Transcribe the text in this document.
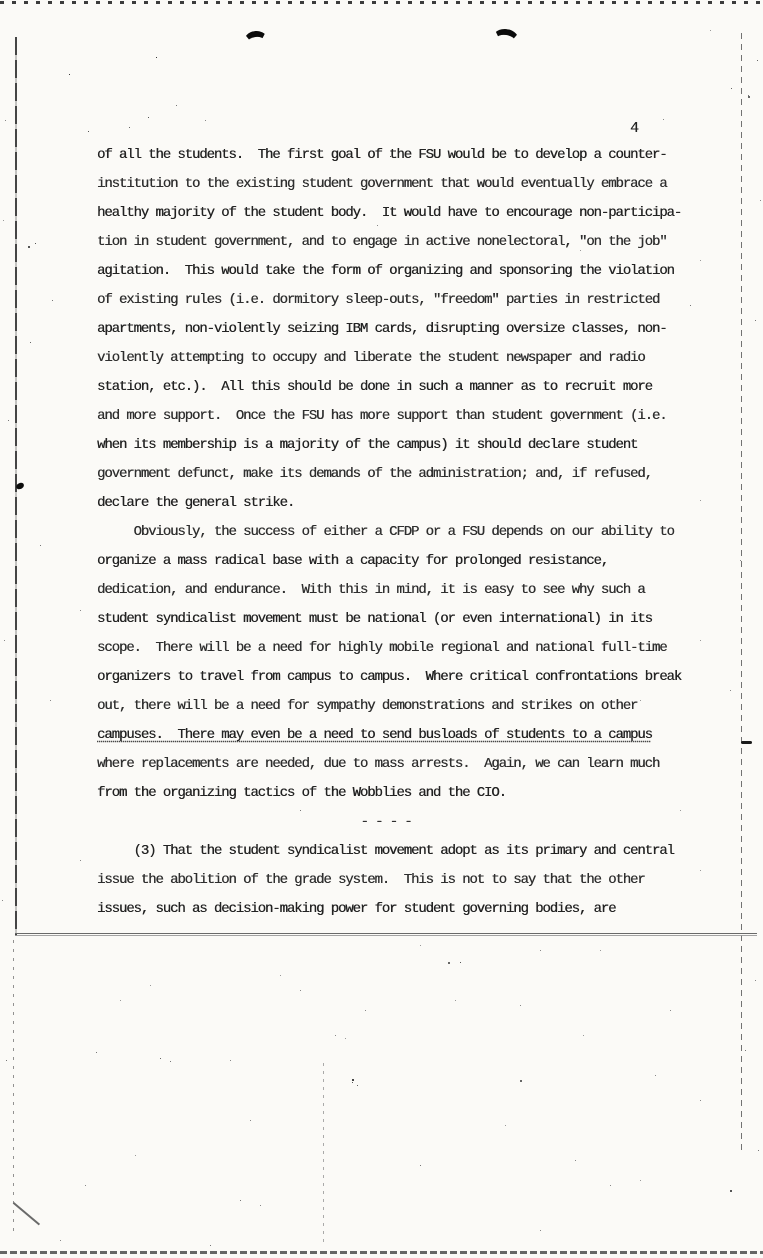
4
of all the students.  The first goal of the FSU would be to develop a counter-
institution to the existing student government that would eventually embrace a
healthy majority of the student body.  It would have to encourage non-participa-
tion in student government, and to engage in active nonelectoral, "on the job"
agitation.  This would take the form of organizing and sponsoring the violation
of existing rules (i.e. dormitory sleep-outs, "freedom" parties in restricted
apartments, non-violently seizing IBM cards, disrupting oversize classes, non-
violently attempting to occupy and liberate the student newspaper and radio
station, etc.).  All this should be done in such a manner as to recruit more
and more support.  Once the FSU has more support than student government (i.e.
when its membership is a majority of the campus) it should declare student
government defunct, make its demands of the administration; and, if refused,
declare the general strike.
Obviously, the success of either a CFDP or a FSU depends on our ability to
organize a mass radical base with a capacity for prolonged resistance,
dedication, and endurance.  With this in mind, it is easy to see why such a
student syndicalist movement must be national (or even international) in its
scope.  There will be a need for highly mobile regional and national full-time
organizers to travel from campus to campus.  Where critical confrontations break
out, there will be a need for sympathy demonstrations and strikes on other
campuses.  There may even be a need to send busloads of students to a campus
where replacements are needed, due to mass arrests.  Again, we can learn much
from the organizing tactics of the Wobblies and the CIO.
- - - -
(3) That the student syndicalist movement adopt as its primary and central
issue the abolition of the grade system.  This is not to say that the other
issues, such as decision-making power for student governing bodies, are
